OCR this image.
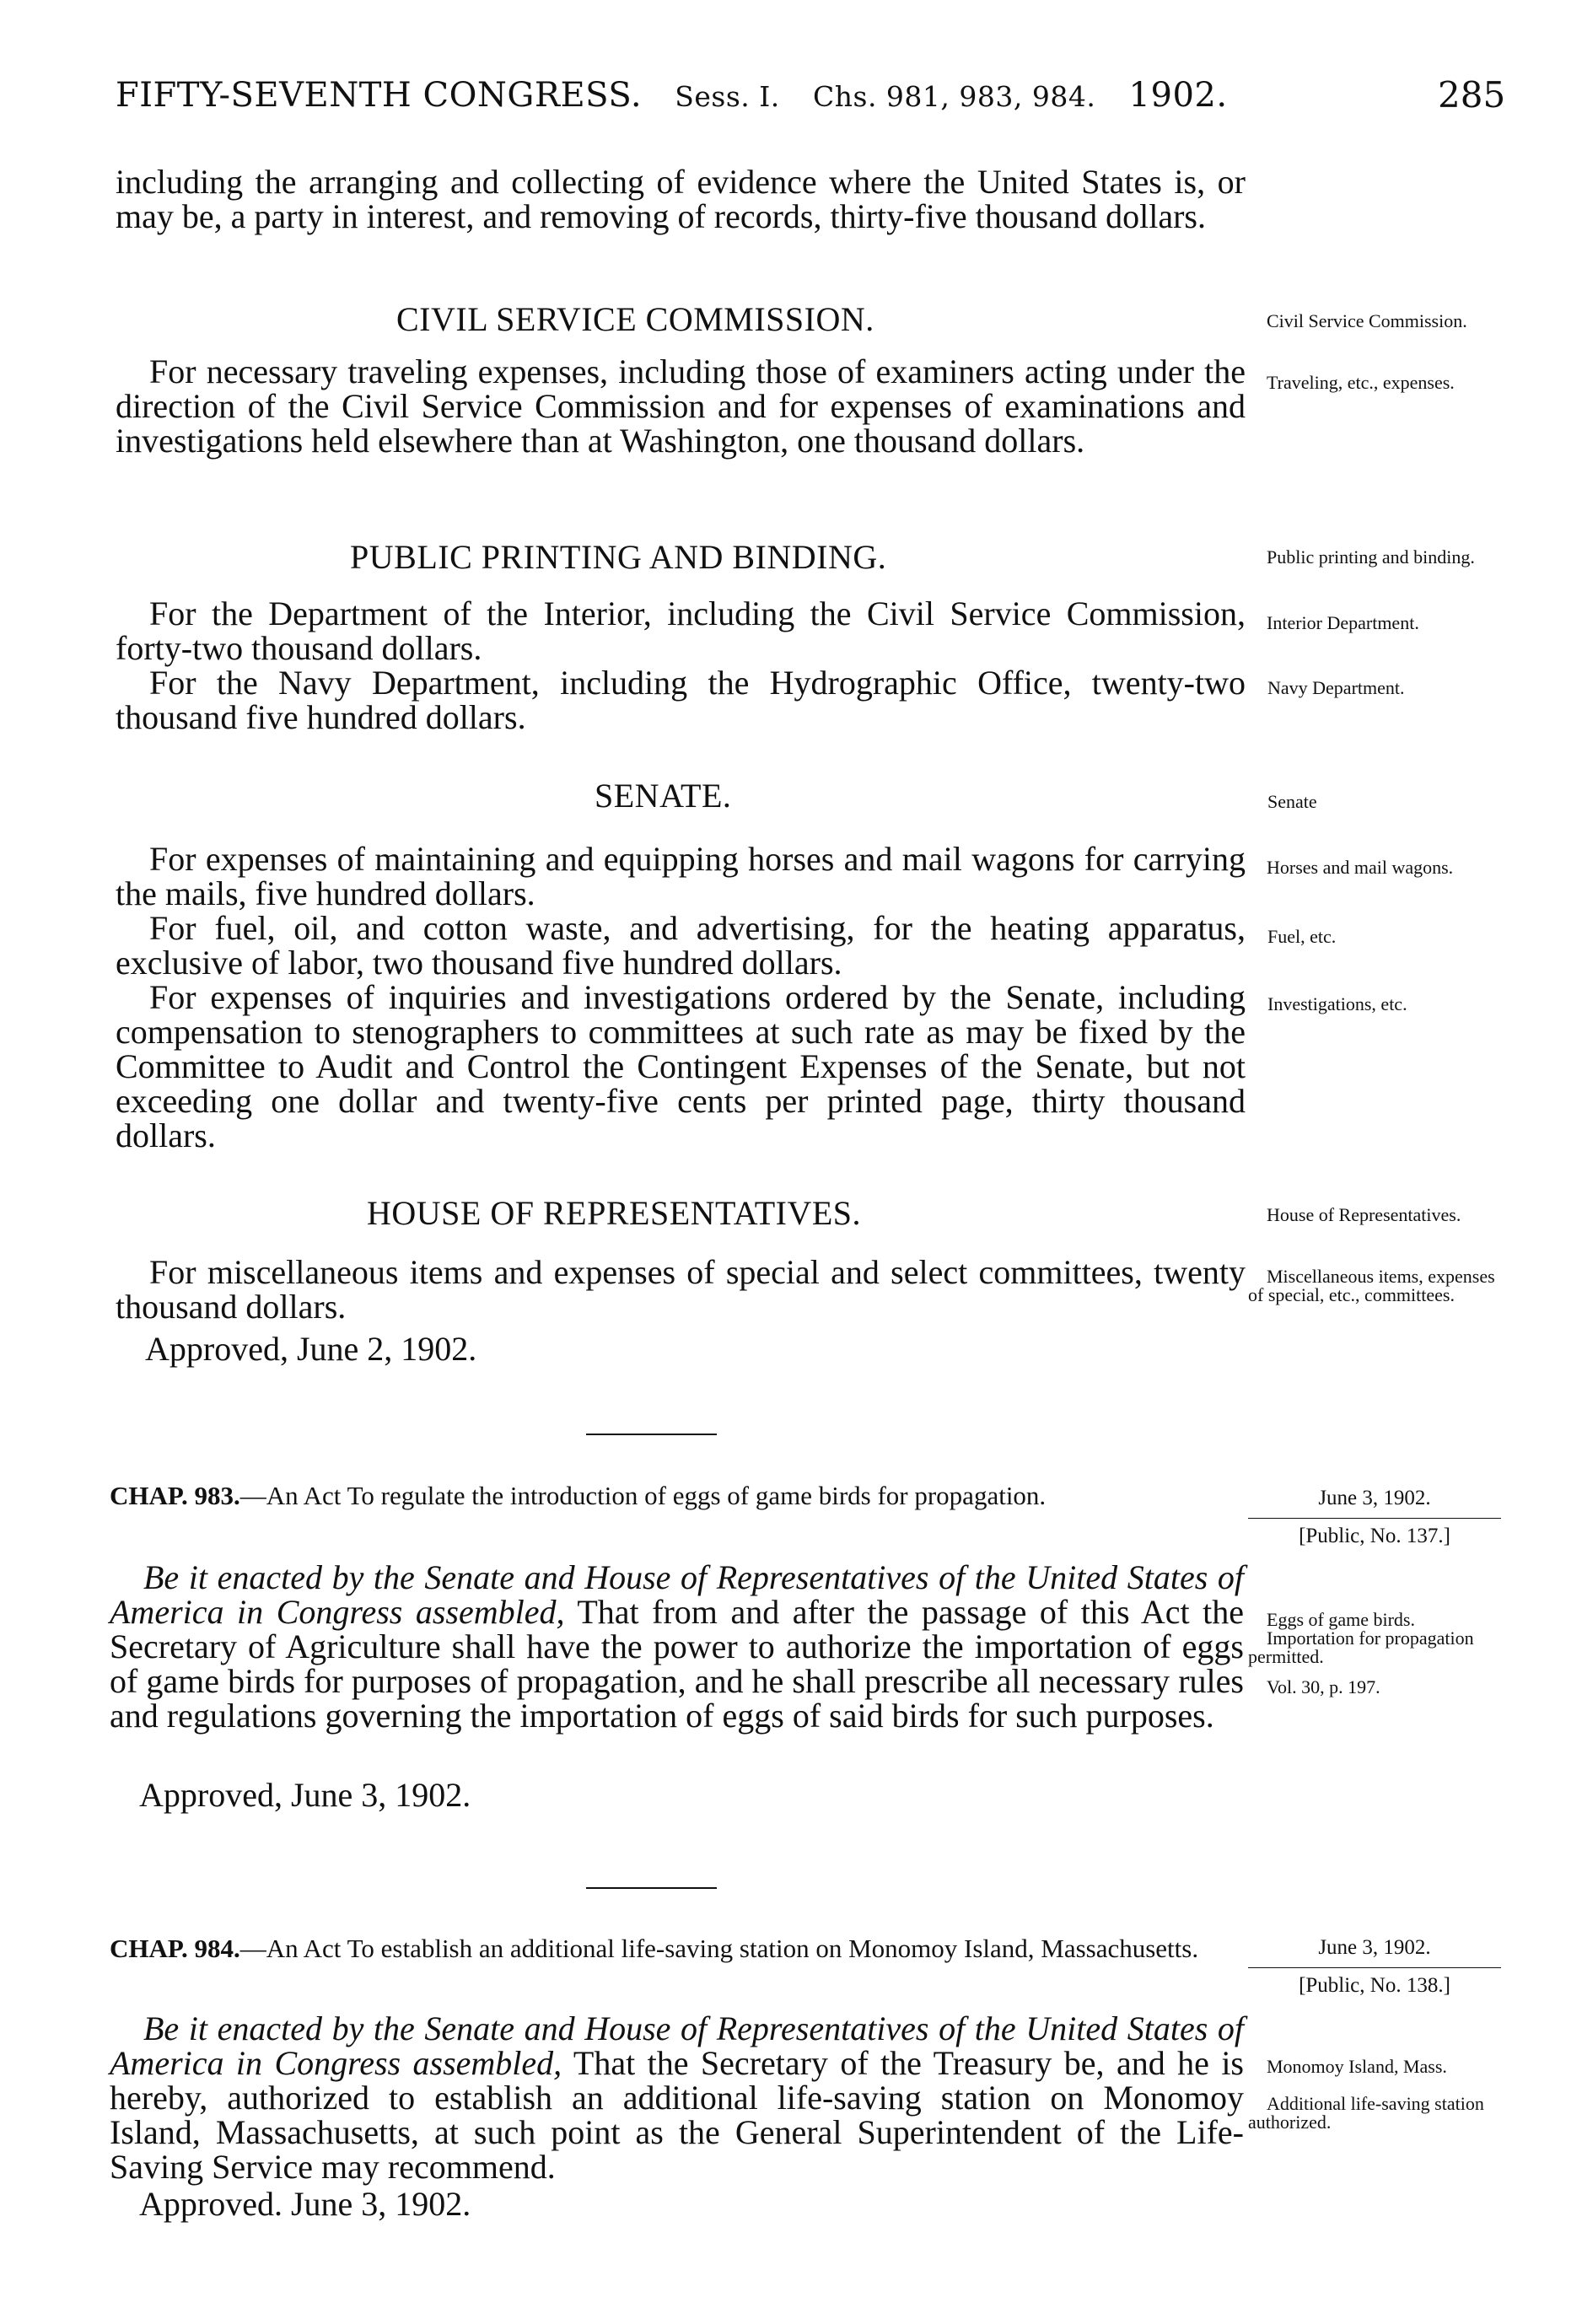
FIFTY-SEVENTH CONGRESS. Sess. I. Chs. 981, 983, 984. 1902.	285

including the arranging and collecting of evidence where the United States is, or may be, a party in interest, and removing of records, thirty-five thousand dollars.

CIVIL SERVICE COMMISSION.

For necessary traveling expenses, including those of examiners acting under the direction of the Civil Service Commission and for expenses of examinations and investigations held elsewhere than at Washington, one thousand dollars.

Civil Service Commission.
Traveling, etc., expenses.
PUBLIC PRINTING AND BINDING.

For the Department of the Interior, including the Civil Service Commission, forty-two thousand dollars.

For the Navy Department, including the Hydrographic Office, twenty-two thousand five hundred dollars.

Public printing and binding.
Interior Department.
Navy Department.
SENATE.

For expenses of maintaining and equipping horses and mail wagons for carrying the mails, five hundred dollars.

For fuel, oil, and cotton waste, and advertising, for the heating apparatus, exclusive of labor, two thousand five hundred dollars.

For expenses of inquiries and investigations ordered by the Senate, including compensation to stenographers to committees at such rate as may be fixed by the Committee to Audit and Control the Contingent Expenses of the Senate, but not exceeding one dollar and twenty-five cents per printed page, thirty thousand dollars.

Senate
Horses and mail wagons.
Fuel, etc.
Investigations, etc.
HOUSE OF REPRESENTATIVES.

For miscellaneous items and expenses of special and select committees, twenty thousand dollars.

Approved, June 2, 1902.
House of Representatives.
Miscellaneous items, expenses of special, etc., committees.
CHAP. 983.—An Act To regulate the introduction of eggs of game birds for propagation.	June 3, 1902.
[Public, No. 137.]

Be it enacted by the Senate and House of Representatives of the United States of America in Congress assembled, That from and after the passage of this Act the Secretary of Agriculture shall have the power to authorize the importation of eggs of game birds for purposes of propagation, and he shall prescribe all necessary rules and regulations governing the importation of eggs of said birds for such purposes.

Approved, June 3, 1902.
Eggs of game birds.
Importation for propagation permitted.
Vol. 30, p. 197.
CHAP. 984.—An Act To establish an additional life-saving station on Monomoy Island, Massachusetts.	June 3, 1902.
[Public, No. 138.]

Be it enacted by the Senate and House of Representatives of the United States of America in Congress assembled, That the Secretary of the Treasury be, and he is hereby, authorized to establish an additional life-saving station on Monomoy Island, Massachusetts, at such point as the General Superintendent of the Life-Saving Service may recommend.

Approved. June 3, 1902.
Monomoy Island, Mass.
Additional life-saving station authorized.
